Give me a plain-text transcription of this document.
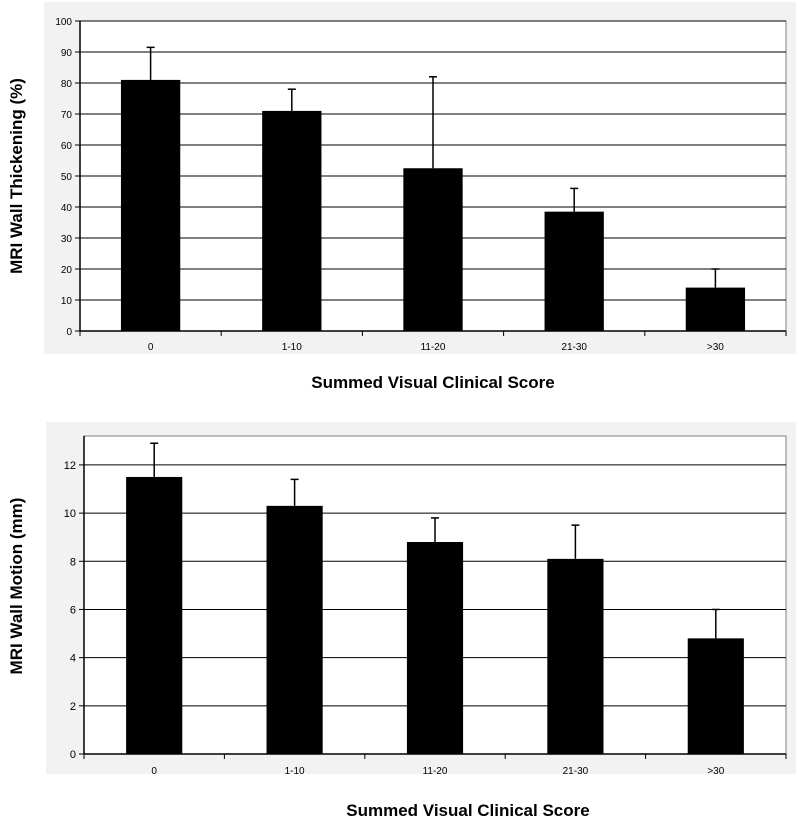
0
10
20
30
40
50
60
70
80
90
100
0	1-10	11-20	21-30	>30
Summed Visual Clinical Score
MRI Wall Thickening (%)
0
2
4
6
8
10
12
0	1-10	11-20	21-30	>30
Summed Visual Clinical Score
MRI Wall Motion (mm)
